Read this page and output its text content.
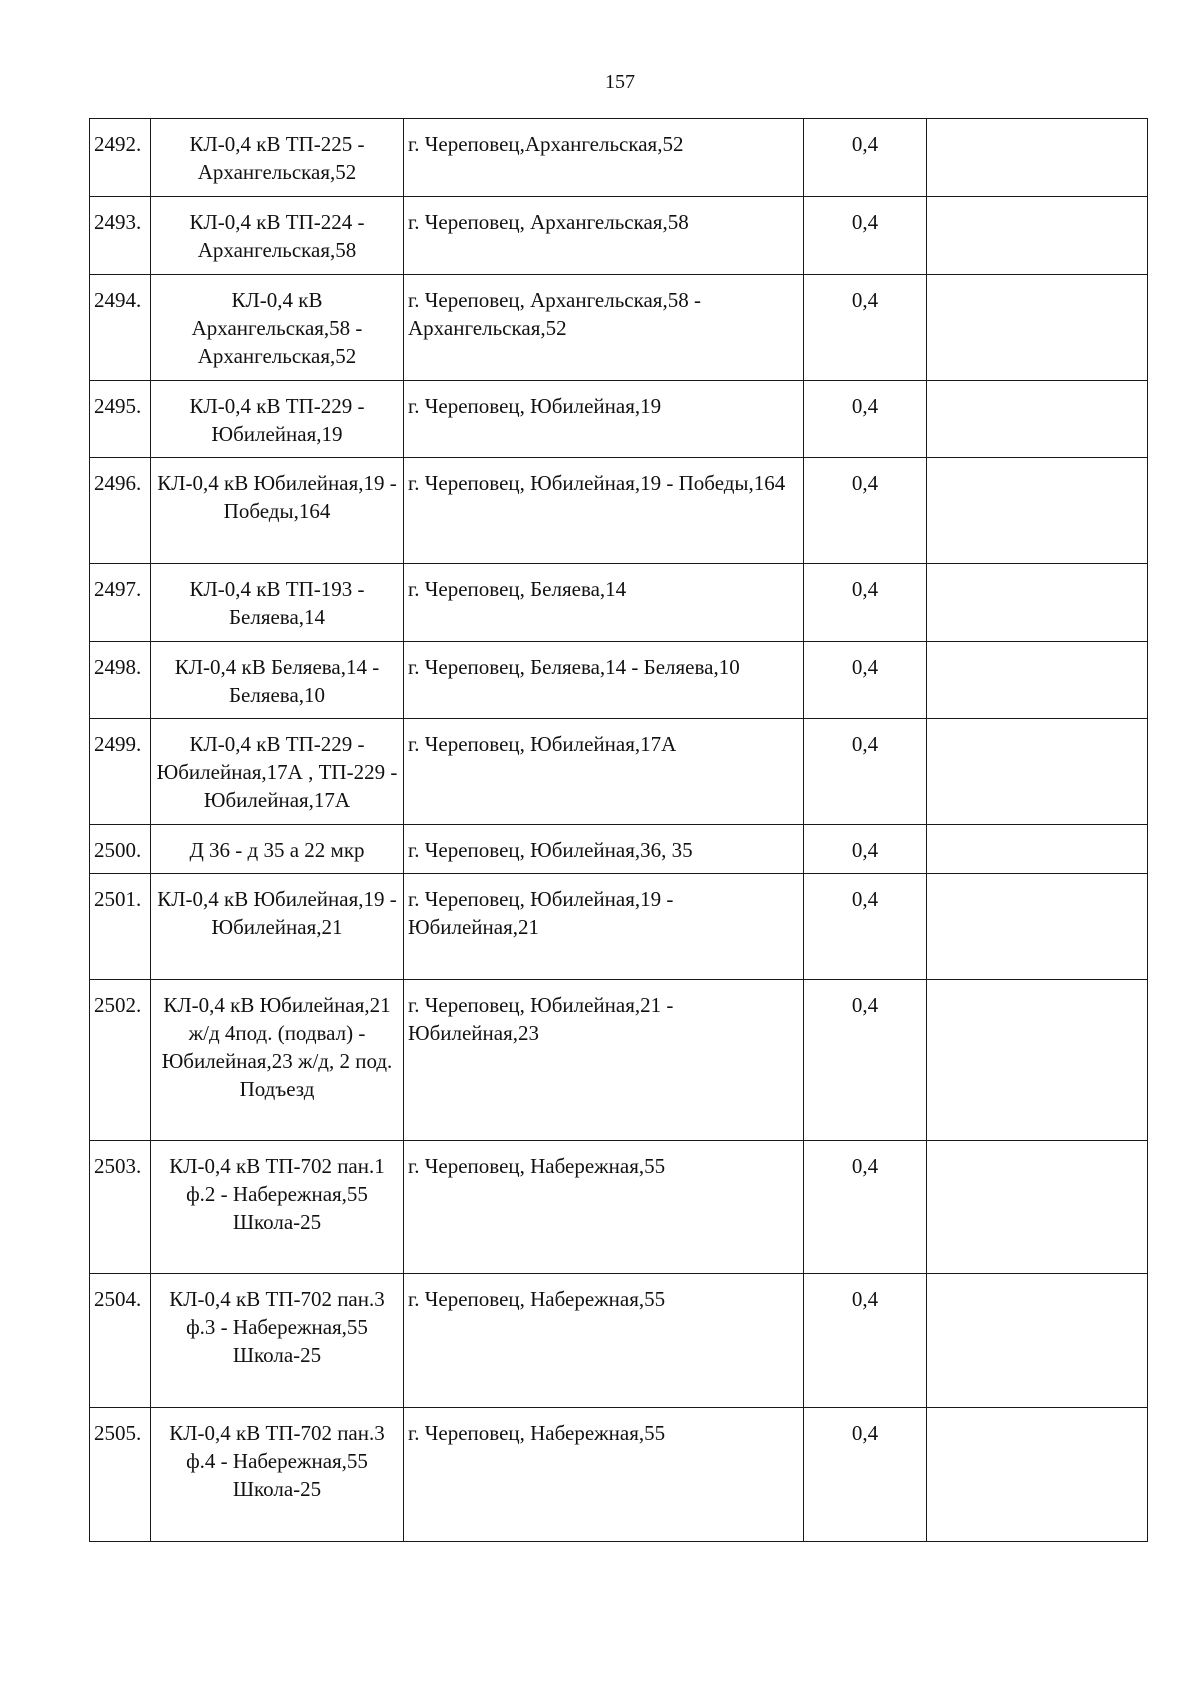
157
2492.	КЛ-0,4 кВ ТП-225 - Архангельская,52	г. Череповец,Архангельская,52	0,4	
2493.	КЛ-0,4 кВ ТП-224 - Архангельская,58	г. Череповец, Архангельская,58	0,4	
2494.	КЛ-0,4 кВ Архангельская,58 - Архангельская,52	г. Череповец, Архангельская,58 - Архангельская,52	0,4	
2495.	КЛ-0,4 кВ ТП-229 - Юбилейная,19	г. Череповец, Юбилейная,19	0,4	
2496.	КЛ-0,4 кВ Юбилейная,19 - Победы,164	г. Череповец, Юбилейная,19 - Победы,164	0,4	
2497.	КЛ-0,4 кВ ТП-193 - Беляева,14	г. Череповец, Беляева,14	0,4	
2498.	КЛ-0,4 кВ Беляева,14 - Беляева,10	г. Череповец, Беляева,14 - Беляева,10	0,4	
2499.	КЛ-0,4 кВ ТП-229 - Юбилейная,17А , ТП-229 - Юбилейная,17А	г. Череповец, Юбилейная,17А	0,4	
2500.	Д 36 - д 35 а 22 мкр	г. Череповец, Юбилейная,36, 35	0,4	
2501.	КЛ-0,4 кВ Юбилейная,19 - Юбилейная,21	г. Череповец, Юбилейная,19 - Юбилейная,21	0,4	
2502.	КЛ-0,4 кВ Юбилейная,21 ж/д 4под. (подвал) - Юбилейная,23 ж/д, 2 под. Подъезд	г. Череповец, Юбилейная,21 - Юбилейная,23	0,4	
2503.	КЛ-0,4 кВ ТП-702 пан.1 ф.2 - Набережная,55 Школа-25	г. Череповец, Набережная,55	0,4	
2504.	КЛ-0,4 кВ ТП-702 пан.3 ф.3 - Набережная,55 Школа-25	г. Череповец, Набережная,55	0,4	
2505.	КЛ-0,4 кВ ТП-702 пан.3 ф.4 - Набережная,55 Школа-25	г. Череповец, Набережная,55	0,4	
